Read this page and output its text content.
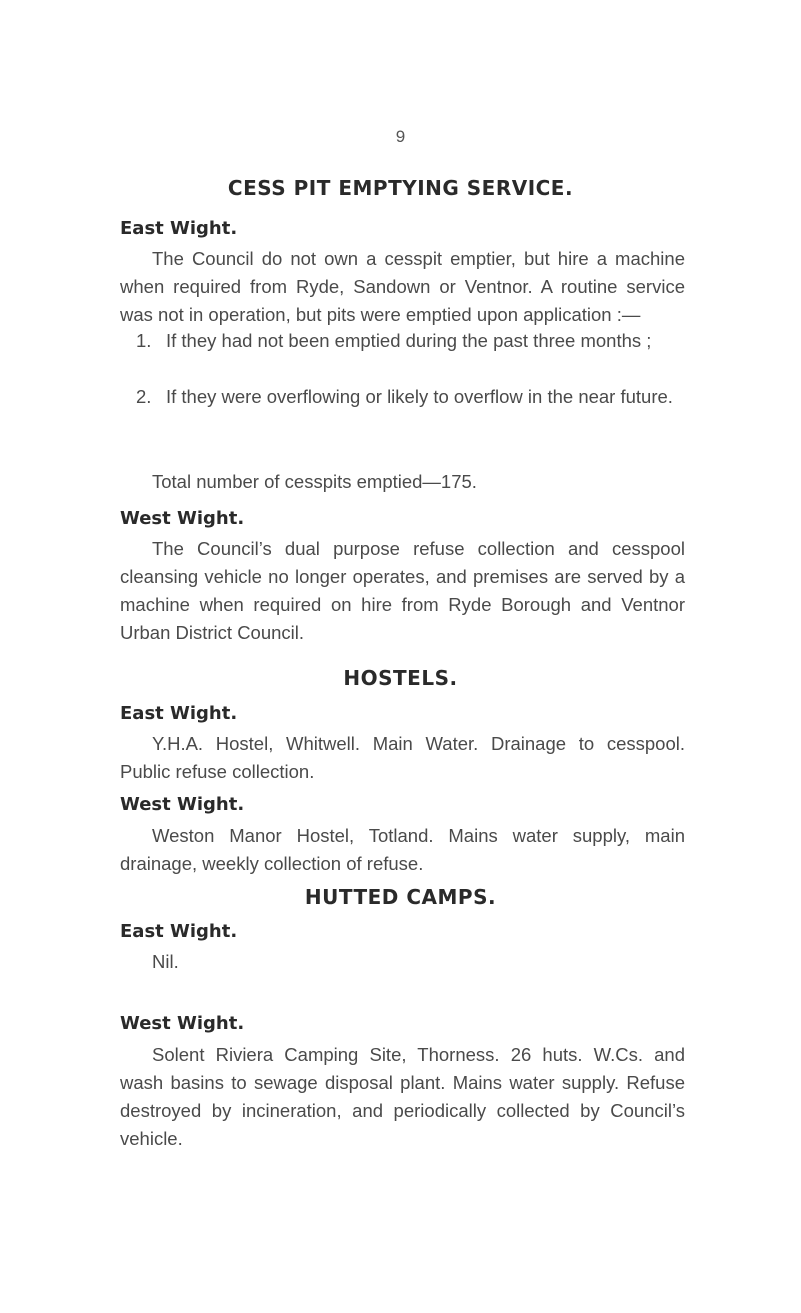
9
CESS PIT EMPTYING SERVICE.
East Wight.
The Council do not own a cesspit emptier, but hire a machine when required from Ryde, Sandown or Ventnor. A routine service was not in operation, but pits were emptied upon application :—
1. If they had not been emptied during the past three months ;
2. If they were overflowing or likely to overflow in the near future.
Total number of cesspits emptied—175.
West Wight.
The Council’s dual purpose refuse collection and cesspool cleansing vehicle no longer operates, and premises are served by a machine when required on hire from Ryde Borough and Ventnor Urban District Council.
HOSTELS.
East Wight.
Y.H.A. Hostel, Whitwell. Main Water. Drainage to cesspool. Public refuse collection.
West Wight.
Weston Manor Hostel, Totland. Mains water supply, main drainage, weekly collection of refuse.
HUTTED CAMPS.
East Wight.
Nil.
West Wight.
Solent Riviera Camping Site, Thorness. 26 huts. W.Cs. and wash basins to sewage disposal plant. Mains water supply. Refuse destroyed by incineration, and periodically collected by Council’s vehicle.
